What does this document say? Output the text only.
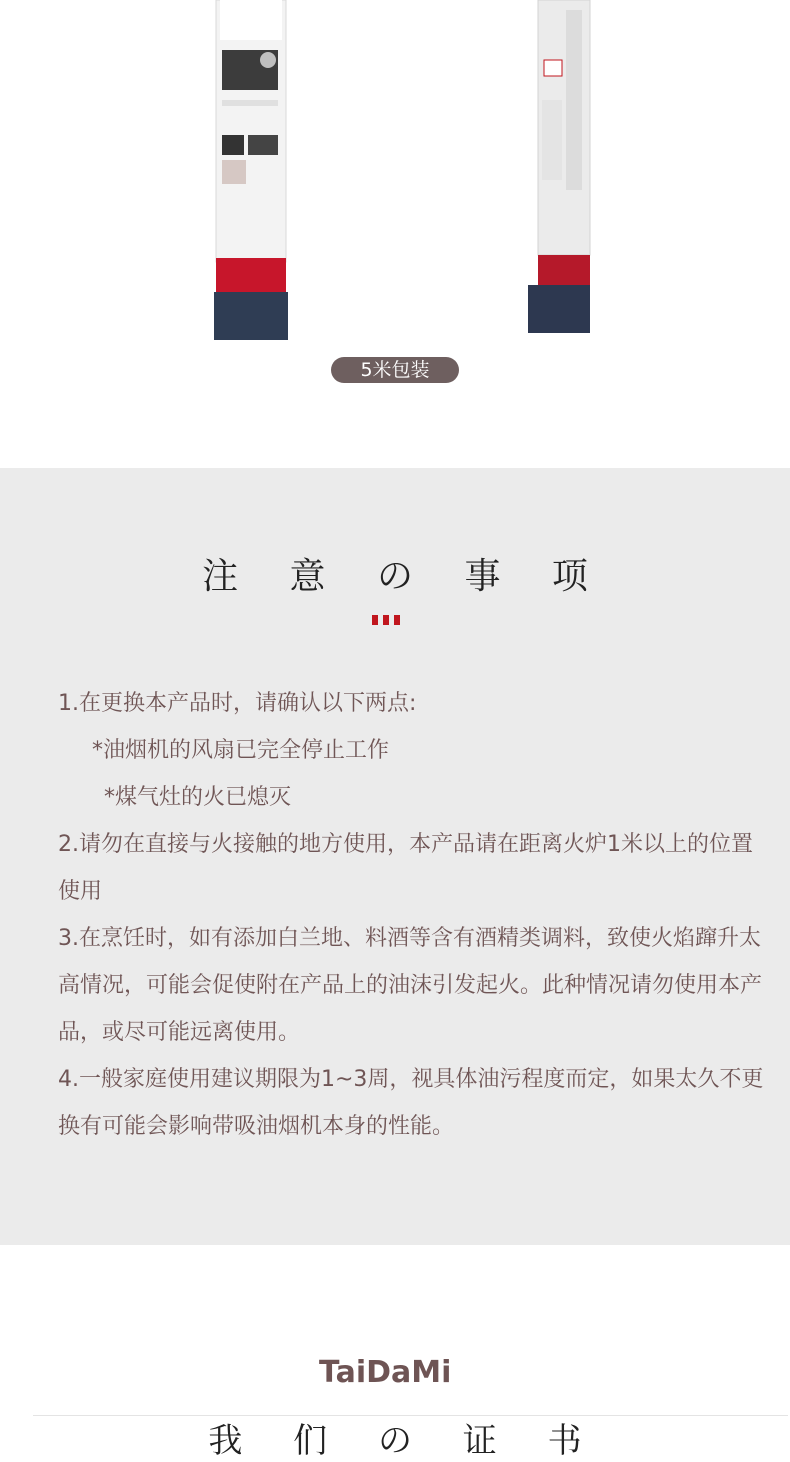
5米包装
注 意 の 事 项

1.在更换本产品时，请确认以下两点:

*油烟机的风扇已完全停止工作

*煤气灶的火已熄灭

2.请勿在直接与火接触的地方使用，本产品请在距离火炉1米以上的位置使用

3.在烹饪时，如有添加白兰地、料酒等含有酒精类调料，致使火焰蹿升太高情况，可能会促使附在产品上的油沫引发起火。此种情况请勿使用本产品，或尽可能远离使用。

4.一般家庭使用建议期限为1~3周，视具体油污程度而定，如果太久不更换有可能会影响带吸油烟机本身的性能。

TaiDaMi
我 们 の 证 书
